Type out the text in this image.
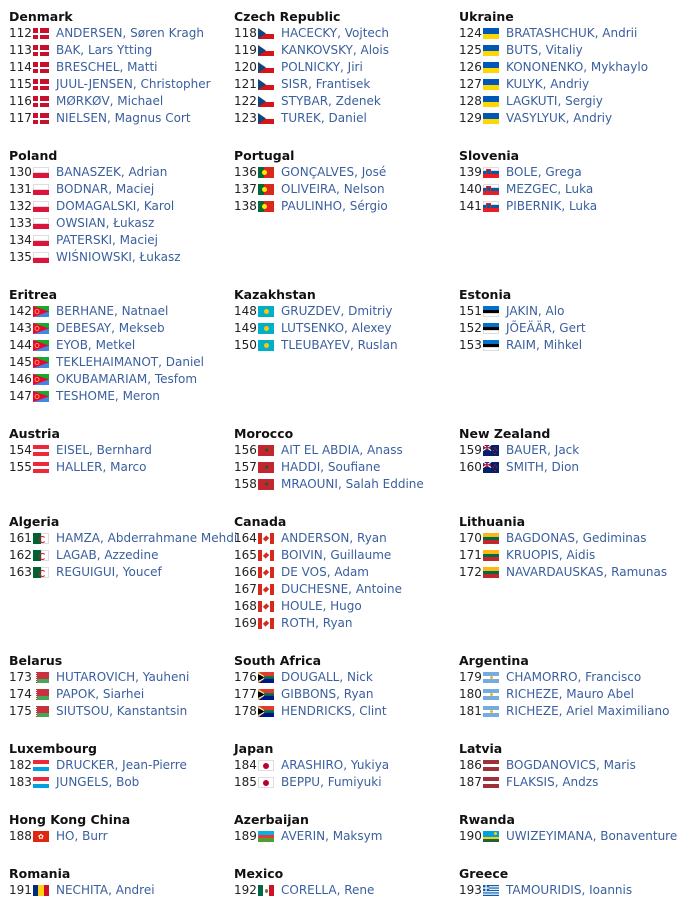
Denmark
112 ANDERSEN, Søren Kragh
113 BAK, Lars Ytting
114 BRESCHEL, Matti
115 JUUL-JENSEN, Christopher
116 MØRKØV, Michael
117 NIELSEN, Magnus Cort
Czech Republic
118 HACECKY, Vojtech
119 KANKOVSKY, Alois
120 POLNICKY, Jiri
121 SISR, Frantisek
122 STYBAR, Zdenek
123 TUREK, Daniel
Ukraine
124 BRATASHCHUK, Andrii
125 BUTS, Vitaliy
126 KONONENKO, Mykhaylo
127 KULYK, Andriy
128 LAGKUTI, Sergiy
129 VASYLYUK, Andriy
Poland
130 BANASZEK, Adrian
131 BODNAR, Maciej
132 DOMAGALSKI, Karol
133 OWSIAN, Łukasz
134 PATERSKI, Maciej
135 WIŚNIOWSKI, Łukasz
Portugal
136 GONÇALVES, José
137 OLIVEIRA, Nelson
138 PAULINHO, Sérgio
Slovenia
139 BOLE, Grega
140 MEZGEC, Luka
141 PIBERNIK, Luka
Eritrea
142 BERHANE, Natnael
143 DEBESAY, Mekseb
144 EYOB, Metkel
145 TEKLEHAIMANOT, Daniel
146 OKUBAMARIAM, Tesfom
147 TESHOME, Meron
Kazakhstan
148 GRUZDEV, Dmitriy
149 LUTSENKO, Alexey
150 TLEUBAYEV, Ruslan
Estonia
151 JAKIN, Alo
152 JÕEÄÄR, Gert
153 RAIM, Mihkel
Austria
154 EISEL, Bernhard
155 HALLER, Marco
Morocco
156 ★ AIT EL ABDIA, Anass
157 ★ HADDI, Soufiane
158 ★ MRAOUNI, Salah Eddine
New Zealand
159 BAUER, Jack
160 SMITH, Dion
Algeria
161 HAMZA, Abderrahmane Mehdi
162 LAGAB, Azzedine
163 REGUIGUI, Youcef
Canada
164 ANDERSON, Ryan
165 BOIVIN, Guillaume
166 DE VOS, Adam
167 DUCHESNE, Antoine
168 HOULE, Hugo
169 ROTH, Ryan
Lithuania
170 BAGDONAS, Gediminas
171 KRUOPIS, Aidis
172 NAVARDAUSKAS, Ramunas
Belarus
173 HUTAROVICH, Yauheni
174 PAPOK, Siarhei
175 SIUTSOU, Kanstantsin
South Africa
176 DOUGALL, Nick
177 GIBBONS, Ryan
178 HENDRICKS, Clint
Argentina
179 CHAMORRO, Francisco
180 RICHEZE, Mauro Abel
181 RICHEZE, Ariel Maximiliano
Luxembourg
182 DRUCKER, Jean-Pierre
183 JUNGELS, Bob
Japan
184 ARASHIRO, Yukiya
185 BEPPU, Fumiyuki
Latvia
186 BOGDANOVICS, Maris
187 FLAKSIS, Andzs
Hong Kong China
188 ✿ HO, Burr
Azerbaijan
189 AVERIN, Maksym
Rwanda
190 UWIZEYIMANA, Bonaventure
Romania
191 NECHITA, Andrei
Mexico
192 CORELLA, Rene
Greece
193 TAMOURIDIS, Ioannis
